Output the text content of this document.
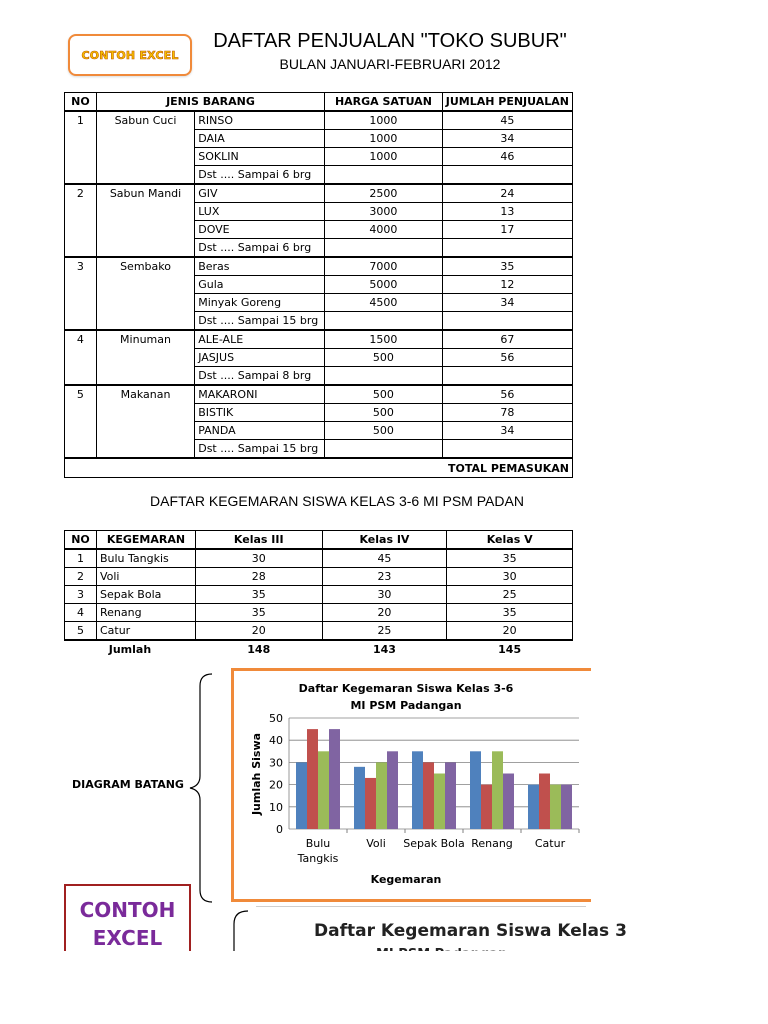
CONTOH EXCEL
DAFTAR PENJUALAN "TOKO SUBUR"
BULAN JANUARI-FEBRUARI 2012
NO	JENIS BARANG		HARGA SATUAN	JUMLAH PENJUALAN
1	Sabun Cuci	RINSO	1000	45
		DAIA	1000	34
		SOKLIN	1000	46
		Dst .... Sampai 6 brg		
2	Sabun Mandi	GIV	2500	24
		LUX	3000	13
		DOVE	4000	17
		Dst .... Sampai 6 brg		
3	Sembako	Beras	7000	35
		Gula	5000	12
		Minyak Goreng	4500	34
		Dst .... Sampai 15 brg		
4	Minuman	ALE-ALE	1500	67
		JASJUS	500	56
		Dst .... Sampai 8 brg		
5	Makanan	MAKARONI	500	56
		BISTIK	500	78
		PANDA	500	34
		Dst .... Sampai 15 brg		
TOTAL PEMASUKAN				
DAFTAR KEGEMARAN SISWA KELAS 3-6 MI PSM PADAN
NO	KEGEMARAN	Kelas III	Kelas IV	Kelas V
1	Bulu Tangkis	30	45	35
2	Voli	28	23	30
3	Sepak Bola	35	30	25
4	Renang	35	20	35
5	Catur	20	25	20
Jumlah		148	143	145
DIAGRAM BATANG
Daftar Kegemaran Siswa Kelas 3-6
MI PSM Padangan
Jumlah Siswa
Kegemaran
0
10
20
30
40
50
Bulu
Tangkis
Voli Sepak Bola Renang Catur
CONTOH
EXCEL	Daftar Kegemaran Siswa Kelas 3
